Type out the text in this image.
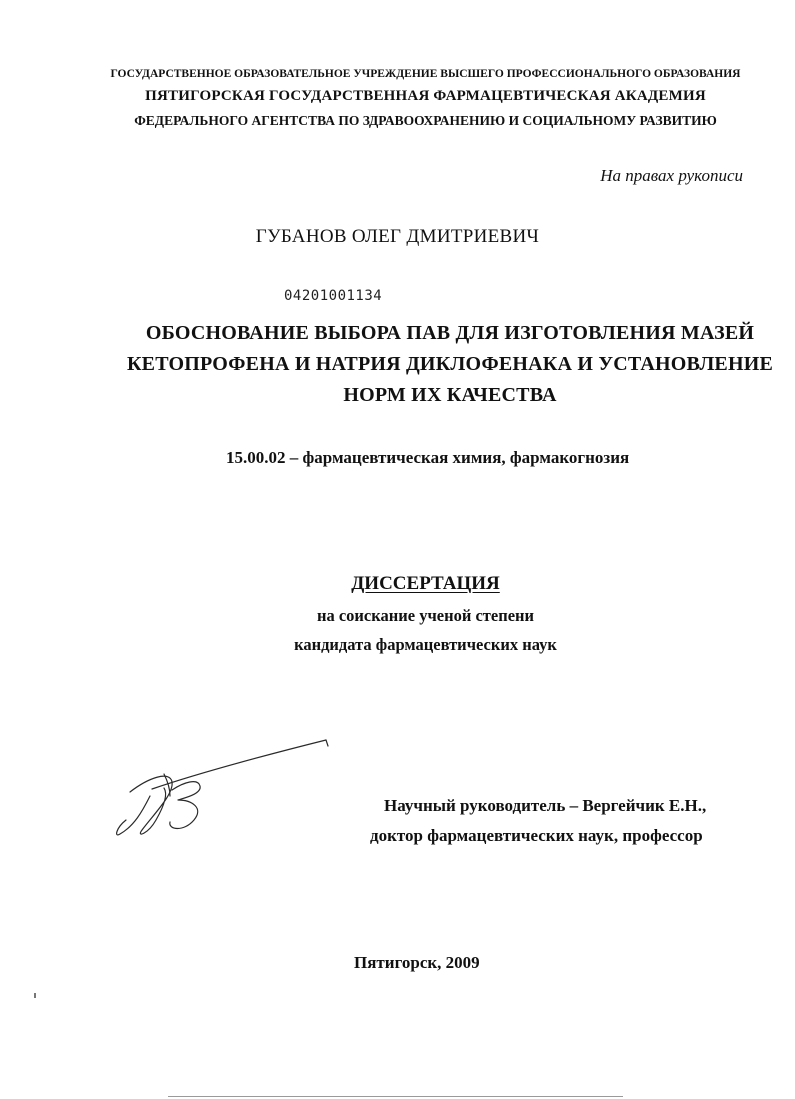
ГОСУДАРСТВЕННОЕ ОБРАЗОВАТЕЛЬНОЕ УЧРЕЖДЕНИЕ ВЫСШЕГО ПРОФЕССИОНАЛЬНОГО ОБРАЗОВАНИЯ
ПЯТИГОРСКАЯ ГОСУДАРСТВЕННАЯ ФАРМАЦЕВТИЧЕСКАЯ АКАДЕМИЯ
ФЕДЕРАЛЬНОГО АГЕНТСТВА ПО ЗДРАВООХРАНЕНИЮ И СОЦИАЛЬНОМУ РАЗВИТИЮ
На правах рукописи
ГУБАНОВ ОЛЕГ ДМИТРИЕВИЧ
04201001134
ОБОСНОВАНИЕ ВЫБОРА ПАВ ДЛЯ ИЗГОТОВЛЕНИЯ МАЗЕЙ
КЕТОПРОФЕНА И НАТРИЯ ДИКЛОФЕНАКА И УСТАНОВЛЕНИЕ
НОРМ ИХ КАЧЕСТВА
15.00.02 – фармацевтическая химия, фармакогнозия
ДИССЕРТАЦИЯ
на соискание ученой степени
кандидата фармацевтических наук
Научный руководитель – Вергейчик Е.Н.,
доктор фармацевтических наук, профессор
Пятигорск, 2009
